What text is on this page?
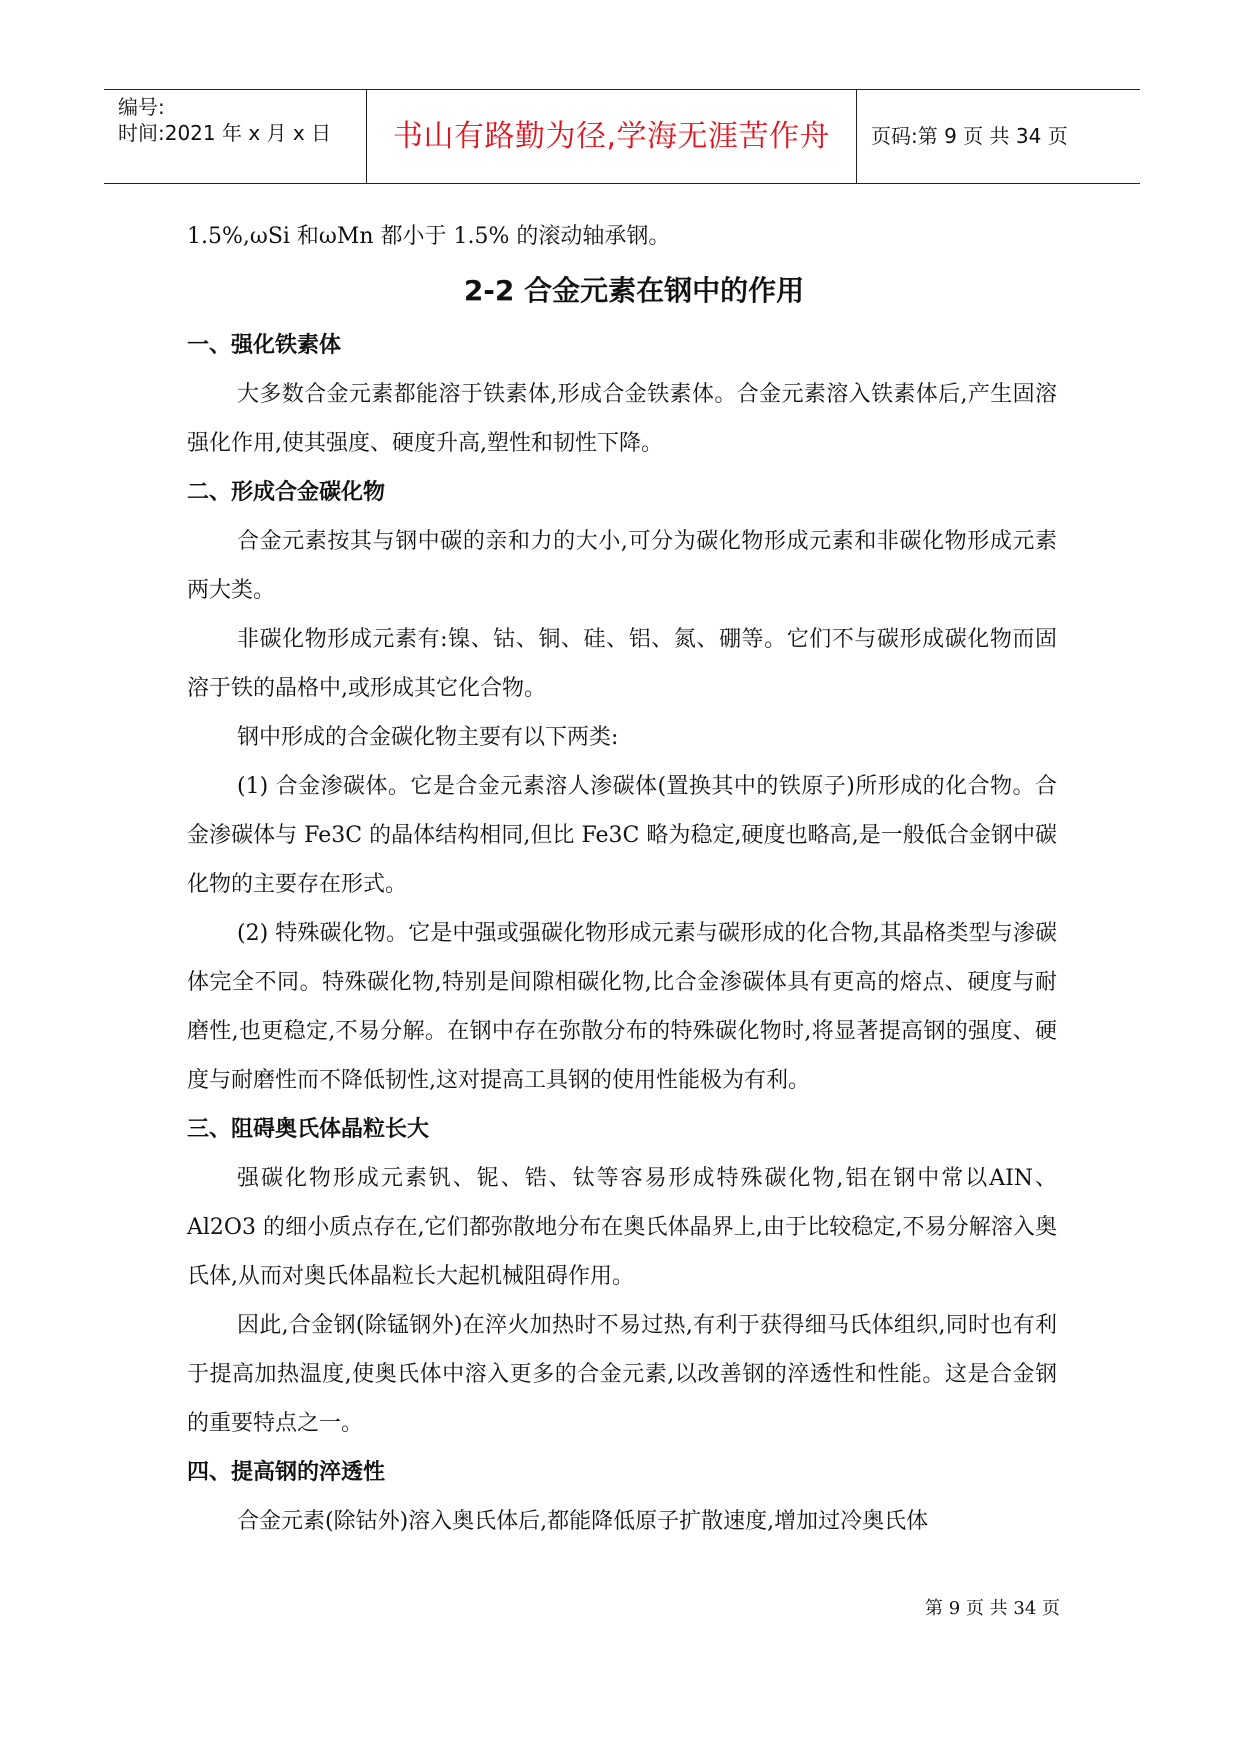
编号:
时间:2021 年 x 月 x 日	书山有路勤为径,学海无涯苦作舟	页码:第 9 页 共 34 页

1.5%,ωSi 和ωMn 都小于 1.5% 的滚动轴承钢。

2-2 合金元素在钢中的作用
一、强化铁素体

大多数合金元素都能溶于铁素体,形成合金铁素体。合金元素溶入铁素体后,产生固溶强化作用,使其强度、硬度升高,塑性和韧性下降。

二、形成合金碳化物

合金元素按其与钢中碳的亲和力的大小,可分为碳化物形成元素和非碳化物形成元素两大类。

非碳化物形成元素有:镍、钴、铜、硅、铝、氮、硼等。它们不与碳形成碳化物而固溶于铁的晶格中,或形成其它化合物。

钢中形成的合金碳化物主要有以下两类:

(1) 合金渗碳体。它是合金元素溶人渗碳体(置换其中的铁原子)所形成的化合物。合金渗碳体与 Fe3C 的晶体结构相同,但比 Fe3C 略为稳定,硬度也略高,是一般低合金钢中碳化物的主要存在形式。

(2) 特殊碳化物。它是中强或强碳化物形成元素与碳形成的化合物,其晶格类型与渗碳体完全不同。特殊碳化物,特别是间隙相碳化物,比合金渗碳体具有更高的熔点、硬度与耐磨性,也更稳定,不易分解。在钢中存在弥散分布的特殊碳化物时,将显著提高钢的强度、硬度与耐磨性而不降低韧性,这对提高工具钢的使用性能极为有利。

三、阻碍奥氏体晶粒长大

强碳化物形成元素钒、铌、锆、钛等容易形成特殊碳化物,铝在钢中常以AIN、Al2O3 的细小质点存在,它们都弥散地分布在奥氏体晶界上,由于比较稳定,不易分解溶入奥氏体,从而对奥氏体晶粒长大起机械阻碍作用。

因此,合金钢(除锰钢外)在淬火加热时不易过热,有利于获得细马氏体组织,同时也有利于提高加热温度,使奥氏体中溶入更多的合金元素,以改善钢的淬透性和性能。这是合金钢的重要特点之一。

四、提高钢的淬透性

合金元素(除钴外)溶入奥氏体后,都能降低原子扩散速度,增加过冷奥氏体

第 9 页 共 34 页
